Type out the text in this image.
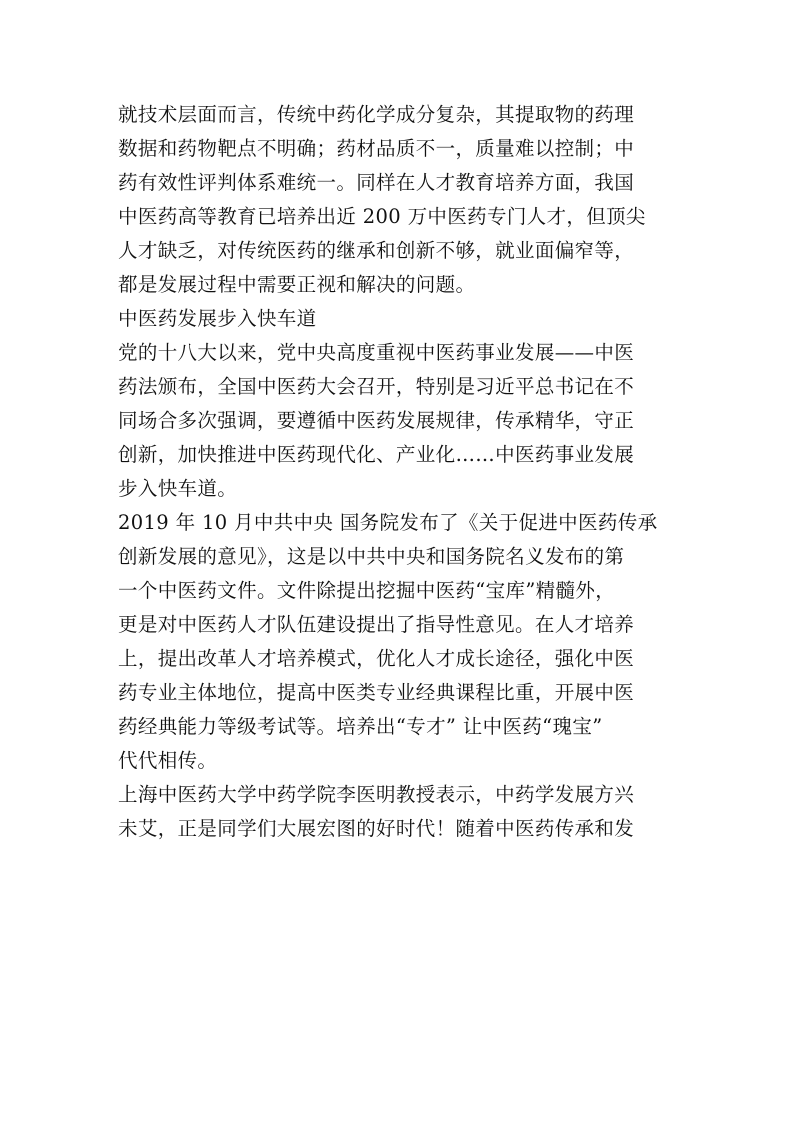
就技术层面而言，传统中药化学成分复杂，其提取物的药理
数据和药物靶点不明确；药材品质不一，质量难以控制；中
药有效性评判体系难统一。同样在人才教育培养方面，我国
中医药高等教育已培养出近 200 万中医药专门人才，但顶尖
人才缺乏，对传统医药的继承和创新不够，就业面偏窄等，
都是发展过程中需要正视和解决的问题。
中医药发展步入快车道
党的十八大以来，党中央高度重视中医药事业发展——中医
药法颁布，全国中医药大会召开，特别是习近平总书记在不
同场合多次强调，要遵循中医药发展规律，传承精华，守正
创新，加快推进中医药现代化、产业化……中医药事业发展
步入快车道。
2019 年 10 月中共中央 国务院发布了《关于促进中医药传承
创新发展的意见》，这是以中共中央和国务院名义发布的第
一个中医药文件。文件除提出挖掘中医药“宝库”精髓外，
更是对中医药人才队伍建设提出了指导性意见。在人才培养
上，提出改革人才培养模式，优化人才成长途径，强化中医
药专业主体地位，提高中医类专业经典课程比重，开展中医
药经典能力等级考试等。培养出“专才” 让中医药“瑰宝”
代代相传。
上海中医药大学中药学院李医明教授表示，中药学发展方兴
未艾，正是同学们大展宏图的好时代！随着中医药传承和发
